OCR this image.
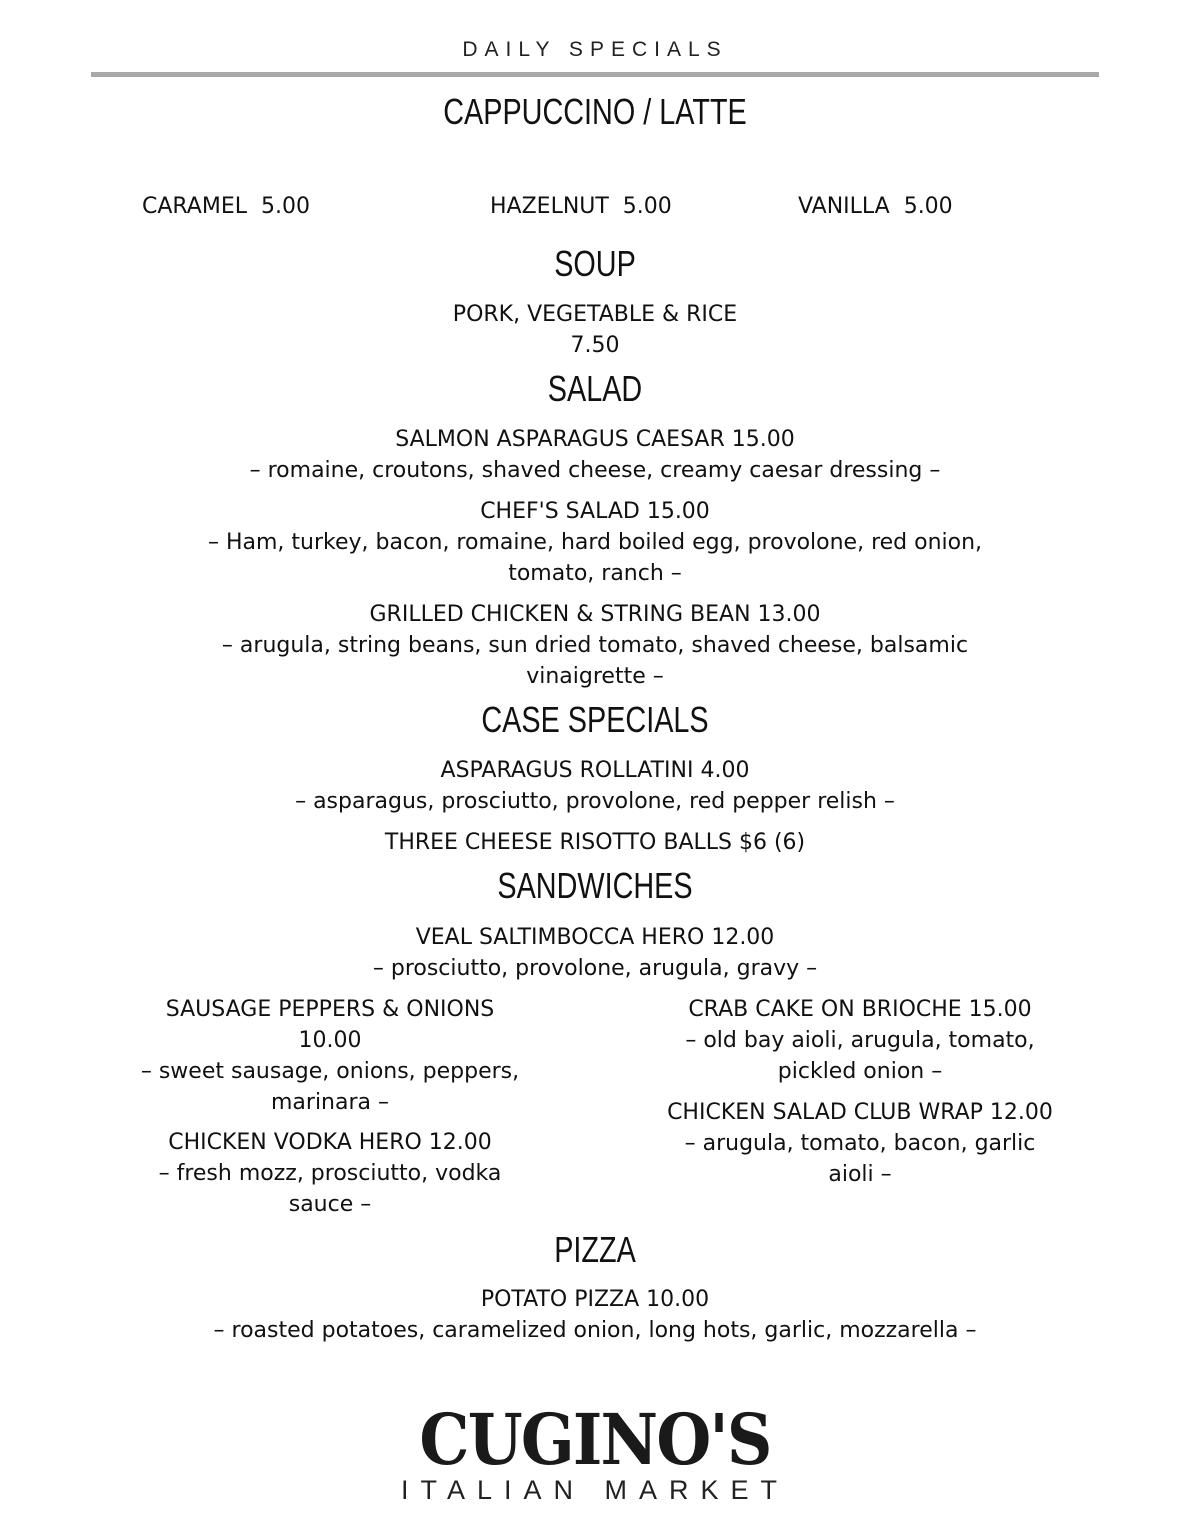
DAILY SPECIALS
CAPPUCCINO / LATTE
CARAMEL  5.00	HAZELNUT  5.00	VANILLA  5.00
SOUP
PORK, VEGETABLE & RICE
7.50
SALAD
SALMON ASPARAGUS CAESAR 15.00
– romaine, croutons, shaved cheese, creamy caesar dressing –
CHEF'S SALAD 15.00
– Ham, turkey, bacon, romaine, hard boiled egg, provolone, red onion,
tomato, ranch –
GRILLED CHICKEN & STRING BEAN 13.00
– arugula, string beans, sun dried tomato, shaved cheese, balsamic
vinaigrette –
CASE SPECIALS
ASPARAGUS ROLLATINI 4.00
– asparagus, prosciutto, provolone, red pepper relish –
THREE CHEESE RISOTTO BALLS $6 (6)
SANDWICHES
VEAL SALTIMBOCCA HERO 12.00
– prosciutto, provolone, arugula, gravy –
SAUSAGE PEPPERS & ONIONS
10.00
– sweet sausage, onions, peppers,
marinara –
CHICKEN VODKA HERO 12.00
– fresh mozz, prosciutto, vodka
sauce –
CRAB CAKE ON BRIOCHE 15.00
– old bay aioli, arugula, tomato,
pickled onion –
CHICKEN SALAD CLUB WRAP 12.00
– arugula, tomato, bacon, garlic
aioli –
PIZZA
POTATO PIZZA 10.00
– roasted potatoes, caramelized onion, long hots, garlic, mozzarella –
CUGINO'S
ITALIAN MARKET
